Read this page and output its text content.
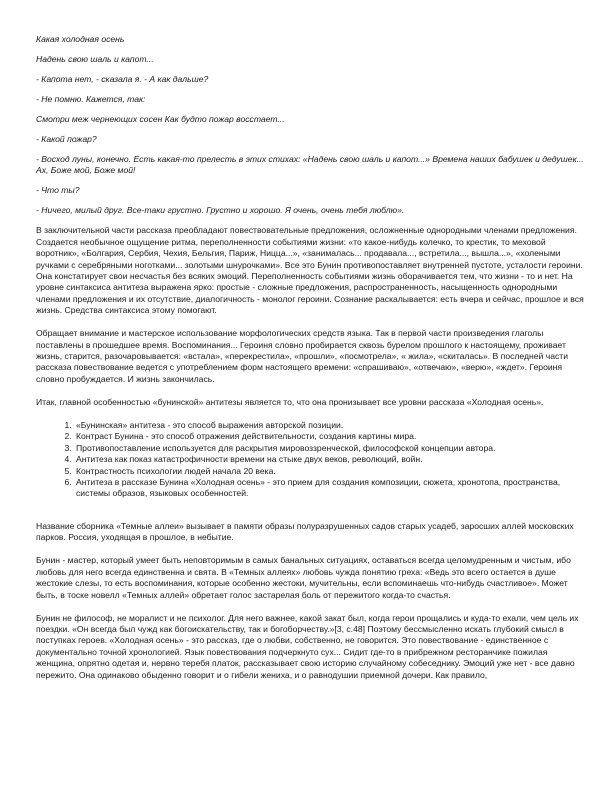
Какая холодная осень

Надень свою шаль и капот...

- Капота нет, - сказала я. - А как дальше?

- Не помню. Кажется, так:

Смотри меж чернеющих сосен Как будто пожар восстает...

- Какой пожар?

- Восход луны, конечно. Есть какая-то прелесть в этих стихах: «Надень свою шаль и капот...» Времена наших бабушек и дедушек... Ах, Боже мой, Боже мой!

- Что ты?

- Ничего, милый друг. Все-таки грустно. Грустно и хорошо. Я очень, очень тебя люблю».

В заключительной части рассказа преобладают повествовательные предложения, осложненные однородными членами предложения. Создается необычное ощущение ритма, переполненности событиями жизни: «то какое-нибудь колечко, то крестик, то меховой воротник», «Болгария, Сербия, Чехия, Бельгия, Париж, Ницца...», «занималась... продавала..., встретила..., вышла...», «холеными ручками с серебряными ноготками... золотыми шнурочками». Все это Бунин противопоставляет внутренней пустоте, усталости героини. Она констатирует свои несчастья без всяких эмоций. Переполненность событиями жизнь оборачивается тем, что жизни - то и нет. На уровне синтаксиса антитеза выражена ярко: простые - сложные предложения, распространенность, насыщенность однородными членами предложения и их отсутствие, диалогичность - монолог героини. Сознание раскалывается: есть вчера и сейчас, прошлое и вся жизнь. Средства синтаксиса этому помогают.

Обращает внимание и мастерское использование морфологических средств языка. Так в первой части произведения глаголы поставлены в прошедшее время. Воспоминания... Героиня словно пробирается сквозь бурелом прошлого к настоящему, проживает жизнь, старится, разочаровывается: «встала», «перекрестила», «прошли», «посмотрела», « жила», «скиталась». В последней части рассказа повествование ведется с употреблением форм настоящего времени: «спрашиваю», «отвечаю», «верю», «ждет». Героиня словно пробуждается. И жизнь закончилась.

Итак, главной особенностью «бунинской» антитезы является то, что она пронизывает все уровни рассказа «Холодная осень».

1. «Бунинская» антитеза - это способ выражения авторской позиции.
2. Контраст Бунина - это способ отражения действительности, создания картины мира.
3. Противопоставление используется для раскрытия мировоззренческой, философской концепции автора.
4. Антитеза как показ катастрофичности времени на стыке двух веков, революций, войн.
5. Контрастность психологии людей начала 20 века.
6. Антитеза в рассказе Бунина «Холодная осень» - это прием для создания композиции, сюжета, хронотопа, пространства, системы образов, языковых особенностей.

Название сборника «Темные аллеи» вызывает в памяти образы полуразрушенных садов старых усадеб, заросших аллей московских парков. Россия, уходящая в прошлое, в небытие.

Бунин - мастер, который умеет быть неповторимым в самых банальных ситуациях, оставаться всегда целомудренным и чистым, ибо любовь для него всегда единственна и свята. В «Темных аллеях» любовь чужда понятию греха: «Ведь это всего остается в душе жестокие слезы, то есть воспоминания, которые особенно жестоки, мучительны, если вспоминаешь что-нибудь счастливое». Может быть, в тоске новелл «Темных аллей» обретает голос застарелая боль от пережитого когда-то счастья.

Бунин не философ, не моралист и не психолог. Для него важнее, какой закат был, когда герои прощались и куда-то ехали, чем цель их поездки. «Он всегда был чужд как богоискательству, так и богоборчеству.»[3, с.48] Поэтому бессмысленно искать глубокий смысл в поступках героев. «Холодная осень» - это рассказ, где о любви, собственно, не говорится. Это повествование - единственное с документально точной хронологией. Язык повествования подчеркнуто сух... Сидит где-то в прибрежном ресторанчике пожилая женщина, опрятно одетая и, нервно теребя платок, рассказывает свою историю случайному собеседнику. Эмоций уже нет - все давно пережито. Она одинаково обыденно говорит и о гибели жениха, и о равнодушии приемной дочери. Как правило,
